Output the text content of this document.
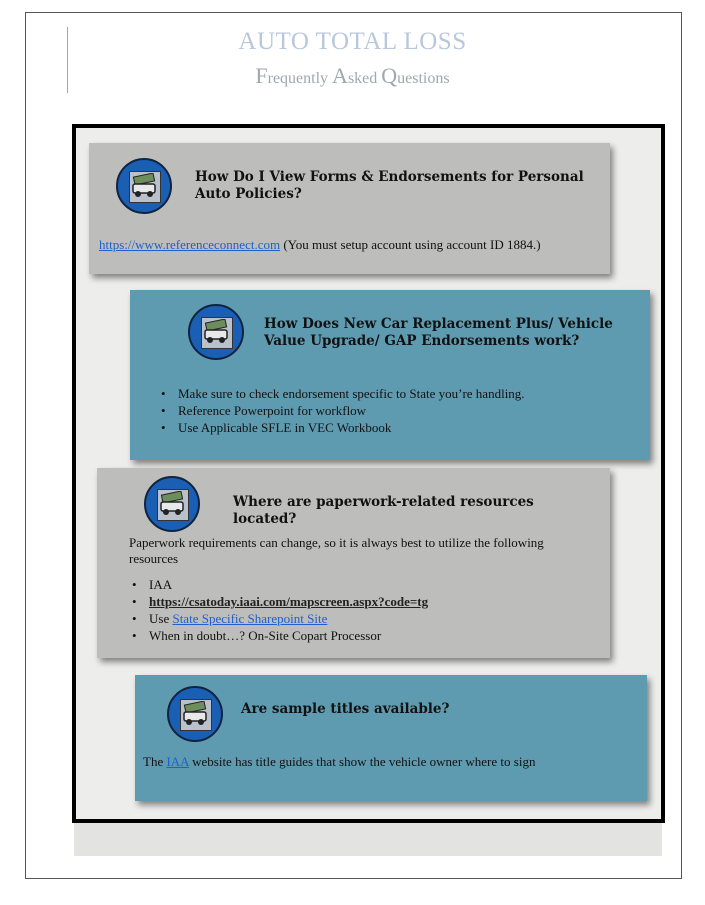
AUTO TOTAL LOSS
Frequently Asked Questions
How Do I View Forms & Endorsements for Personal Auto Policies?
https://www.referenceconnect.com (You must setup account using account ID 1884.)
How Does New Car Replacement Plus/ Vehicle Value Upgrade/ GAP Endorsements work?
• Make sure to check endorsement specific to State you’re handling.
• Reference Powerpoint for workflow
• Use Applicable SFLE in VEC Workbook
Where are paperwork-related resources located?
Paperwork requirements can change, so it is always best to utilize the following resources
• IAA
• https://csatoday.iaai.com/mapscreen.aspx?code=tg
• Use State Specific Sharepoint Site
• When in doubt…? On-Site Copart Processor
Are sample titles available?
The IAA website has title guides that show the vehicle owner where to sign
